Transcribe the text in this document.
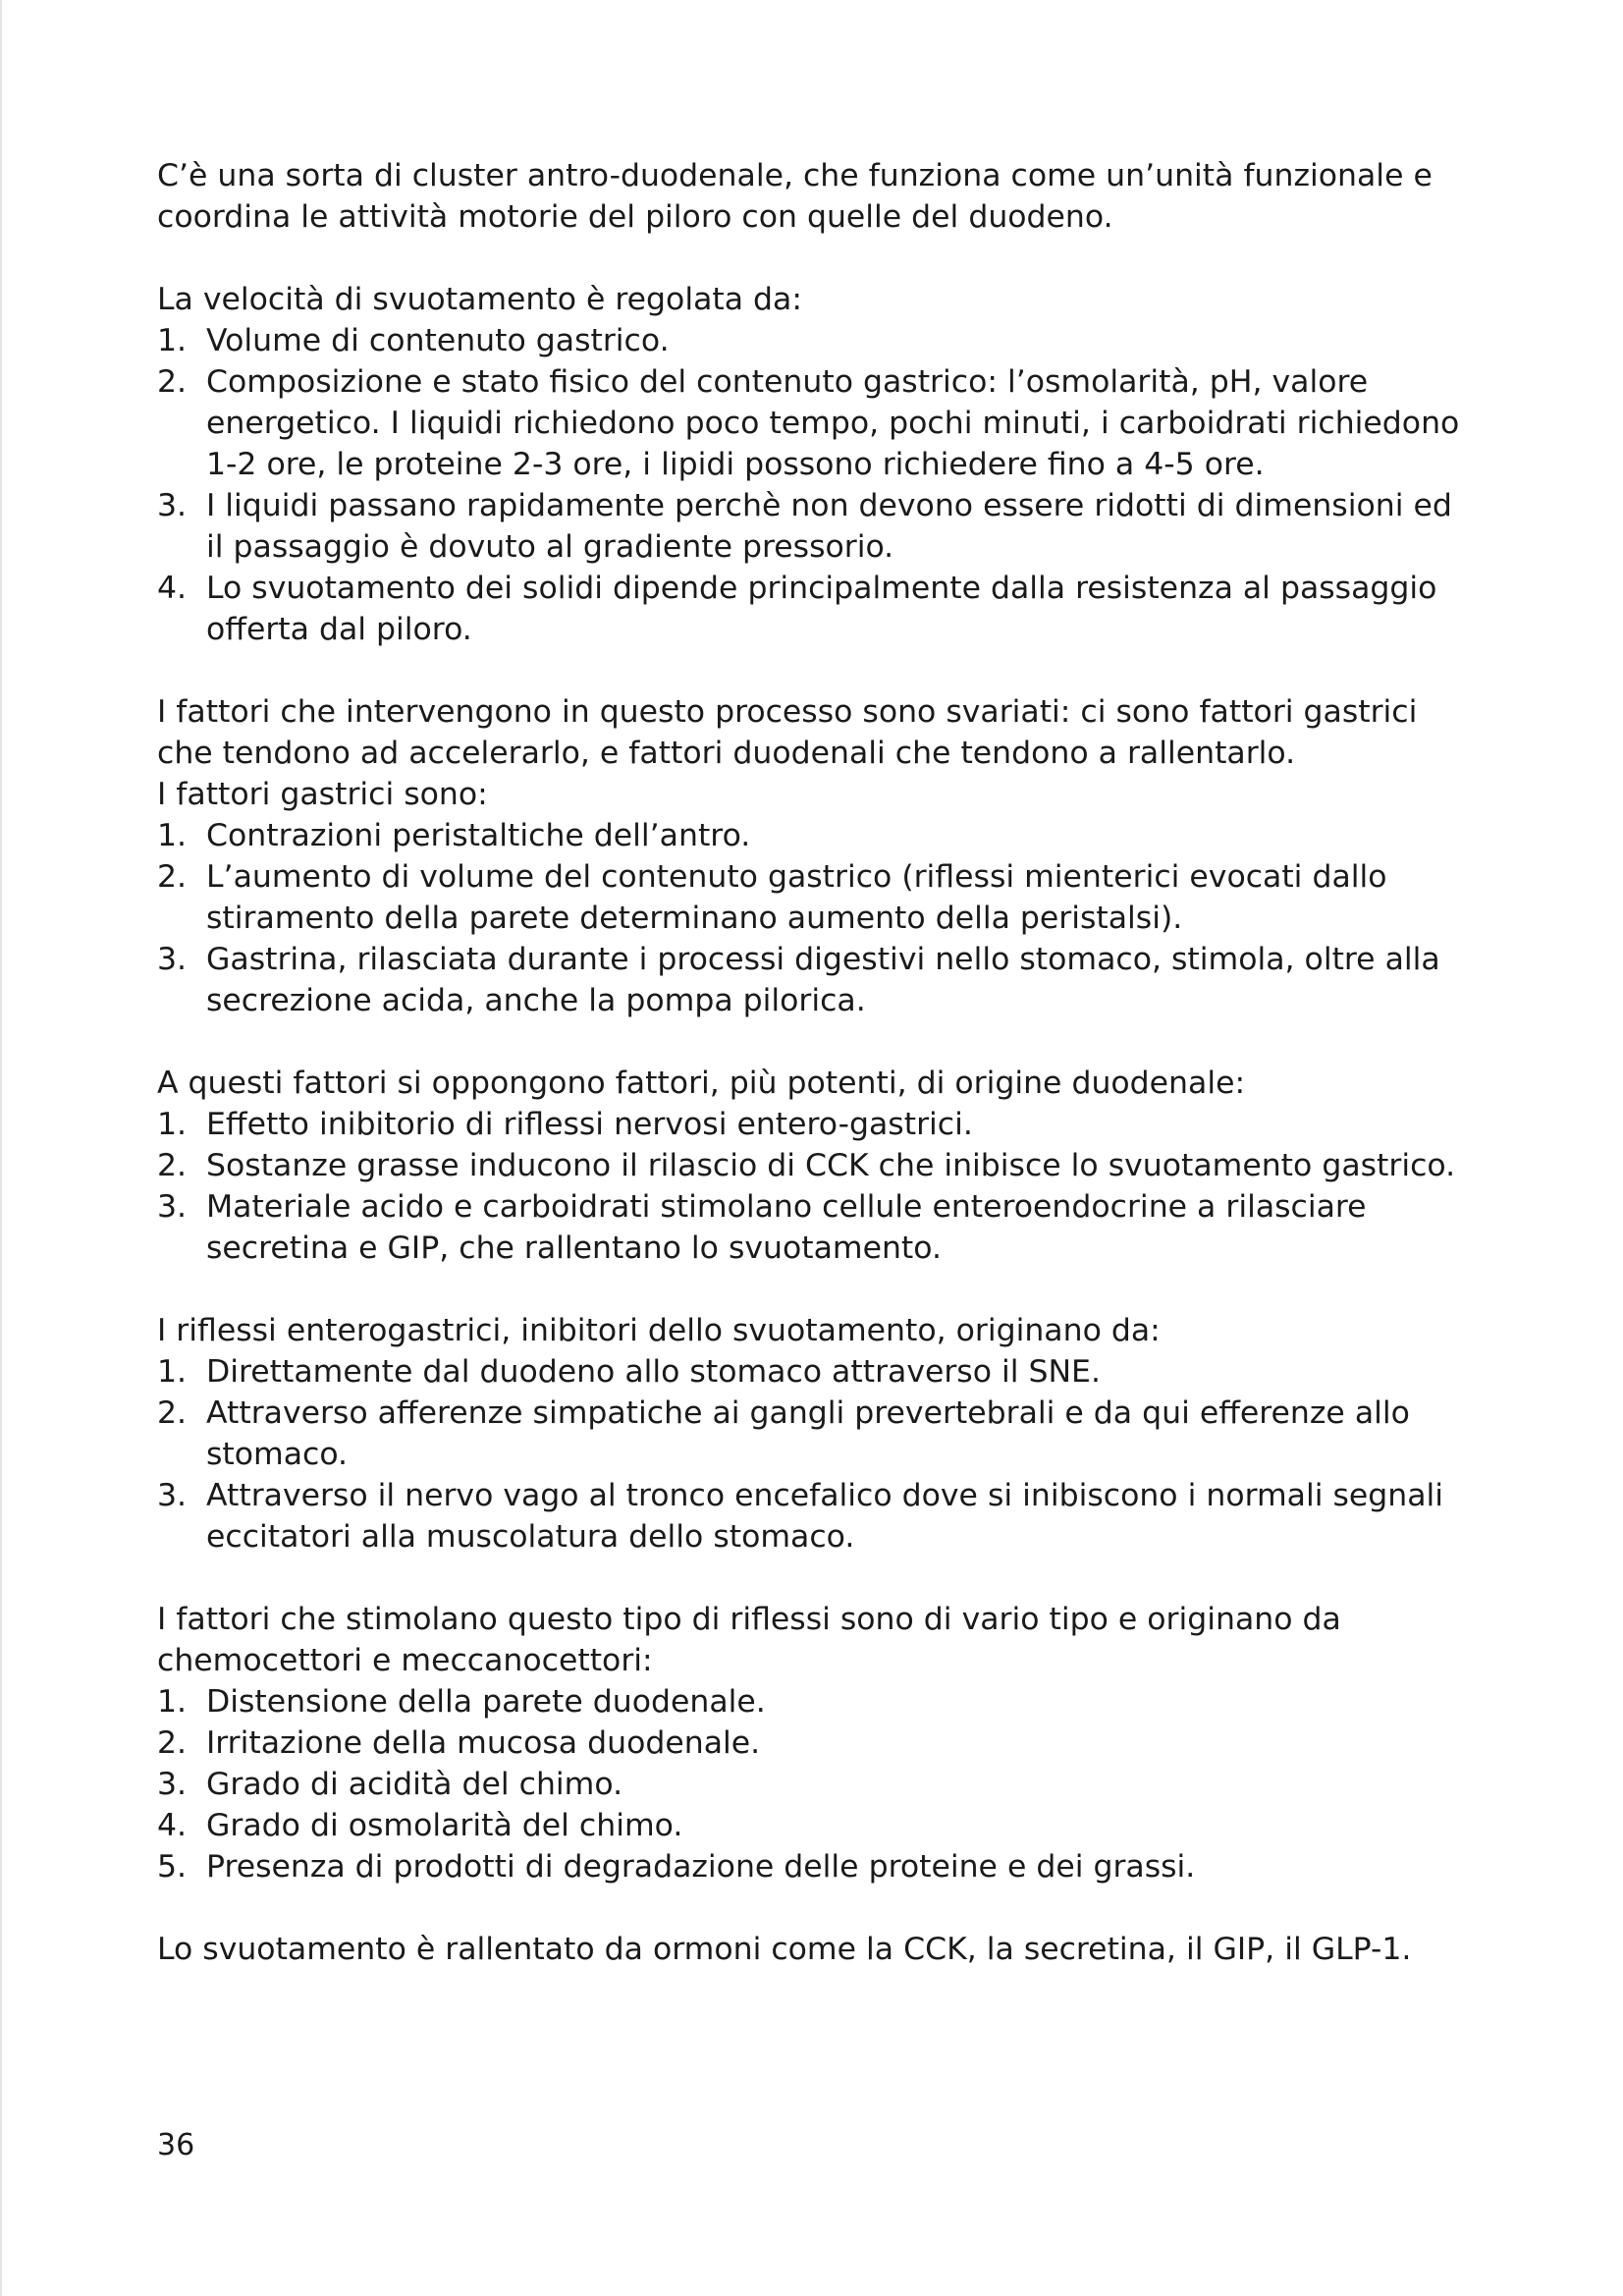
C’è una sorta di cluster antro-duodenale, che funziona come un’unità funzionale e coordina le attività motorie del piloro con quelle del duodeno.

La velocità di svuotamento è regolata da:

1. Volume di contenuto gastrico.
2. Composizione e stato fisico del contenuto gastrico: l’osmolarità, pH, valore energetico. I liquidi richiedono poco tempo, pochi minuti, i carboidrati richiedono 1-2 ore, le proteine 2-3 ore, i lipidi possono richiedere fino a 4-5 ore.
3. I liquidi passano rapidamente perchè non devono essere ridotti di dimensioni ed il passaggio è dovuto al gradiente pressorio.
4. Lo svuotamento dei solidi dipende principalmente dalla resistenza al passaggio offerta dal piloro.

I fattori che intervengono in questo processo sono svariati: ci sono fattori gastrici che tendono ad accelerarlo, e fattori duodenali che tendono a rallentarlo.

I fattori gastrici sono:

1. Contrazioni peristaltiche dell’antro.
2. L’aumento di volume del contenuto gastrico (riflessi mienterici evocati dallo stiramento della parete determinano aumento della peristalsi).
3. Gastrina, rilasciata durante i processi digestivi nello stomaco, stimola, oltre alla secrezione acida, anche la pompa pilorica.

A questi fattori si oppongono fattori, più potenti, di origine duodenale:

1. Effetto inibitorio di riflessi nervosi entero-gastrici.
2. Sostanze grasse inducono il rilascio di CCK che inibisce lo svuotamento gastrico.
3. Materiale acido e carboidrati stimolano cellule enteroendocrine a rilasciare secretina e GIP, che rallentano lo svuotamento.

I riflessi enterogastrici, inibitori dello svuotamento, originano da:

1. Direttamente dal duodeno allo stomaco attraverso il SNE.
2. Attraverso afferenze simpatiche ai gangli prevertebrali e da qui efferenze allo stomaco.
3. Attraverso il nervo vago al tronco encefalico dove si inibiscono i normali segnali eccitatori alla muscolatura dello stomaco.

I fattori che stimolano questo tipo di riflessi sono di vario tipo e originano da chemocettori e meccanocettori:

1. Distensione della parete duodenale.
2. Irritazione della mucosa duodenale.
3. Grado di acidità del chimo.
4. Grado di osmolarità del chimo.
5. Presenza di prodotti di degradazione delle proteine e dei grassi.

Lo svuotamento è rallentato da ormoni come la CCK, la secretina, il GIP, il GLP-1.

36
